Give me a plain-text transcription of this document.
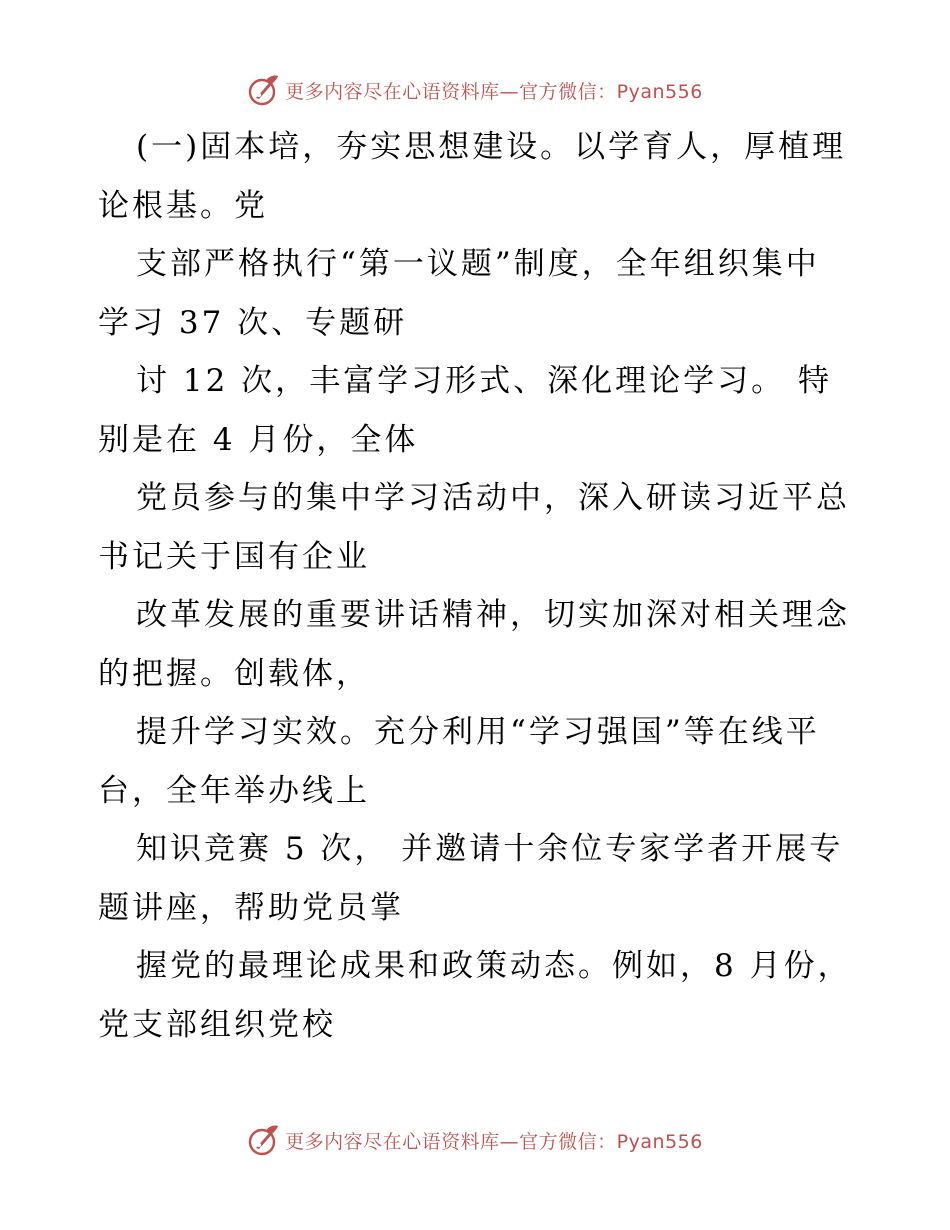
更多内容尽在心语资料库—官方微信：Pyan556
(一)固本培，夯实思想建设。以学育人，厚植理
论根基。党
支部严格执行“第一议题”制度，全年组织集中
学习 37 次、专题研
讨 12 次，丰富学习形式、深化理论学习。 特
别是在 4 月份，全体
党员参与的集中学习活动中，深入研读习近平总
书记关于国有企业
改革发展的重要讲话精神，切实加深对相关理念
的把握。创载体，
提升学习实效。充分利用“学习强国”等在线平
台，全年举办线上
知识竞赛 5 次， 并邀请十余位专家学者开展专
题讲座，帮助党员掌
握党的最理论成果和政策动态。例如，8 月份，
党支部组织党校
更多内容尽在心语资料库—官方微信：Pyan556
